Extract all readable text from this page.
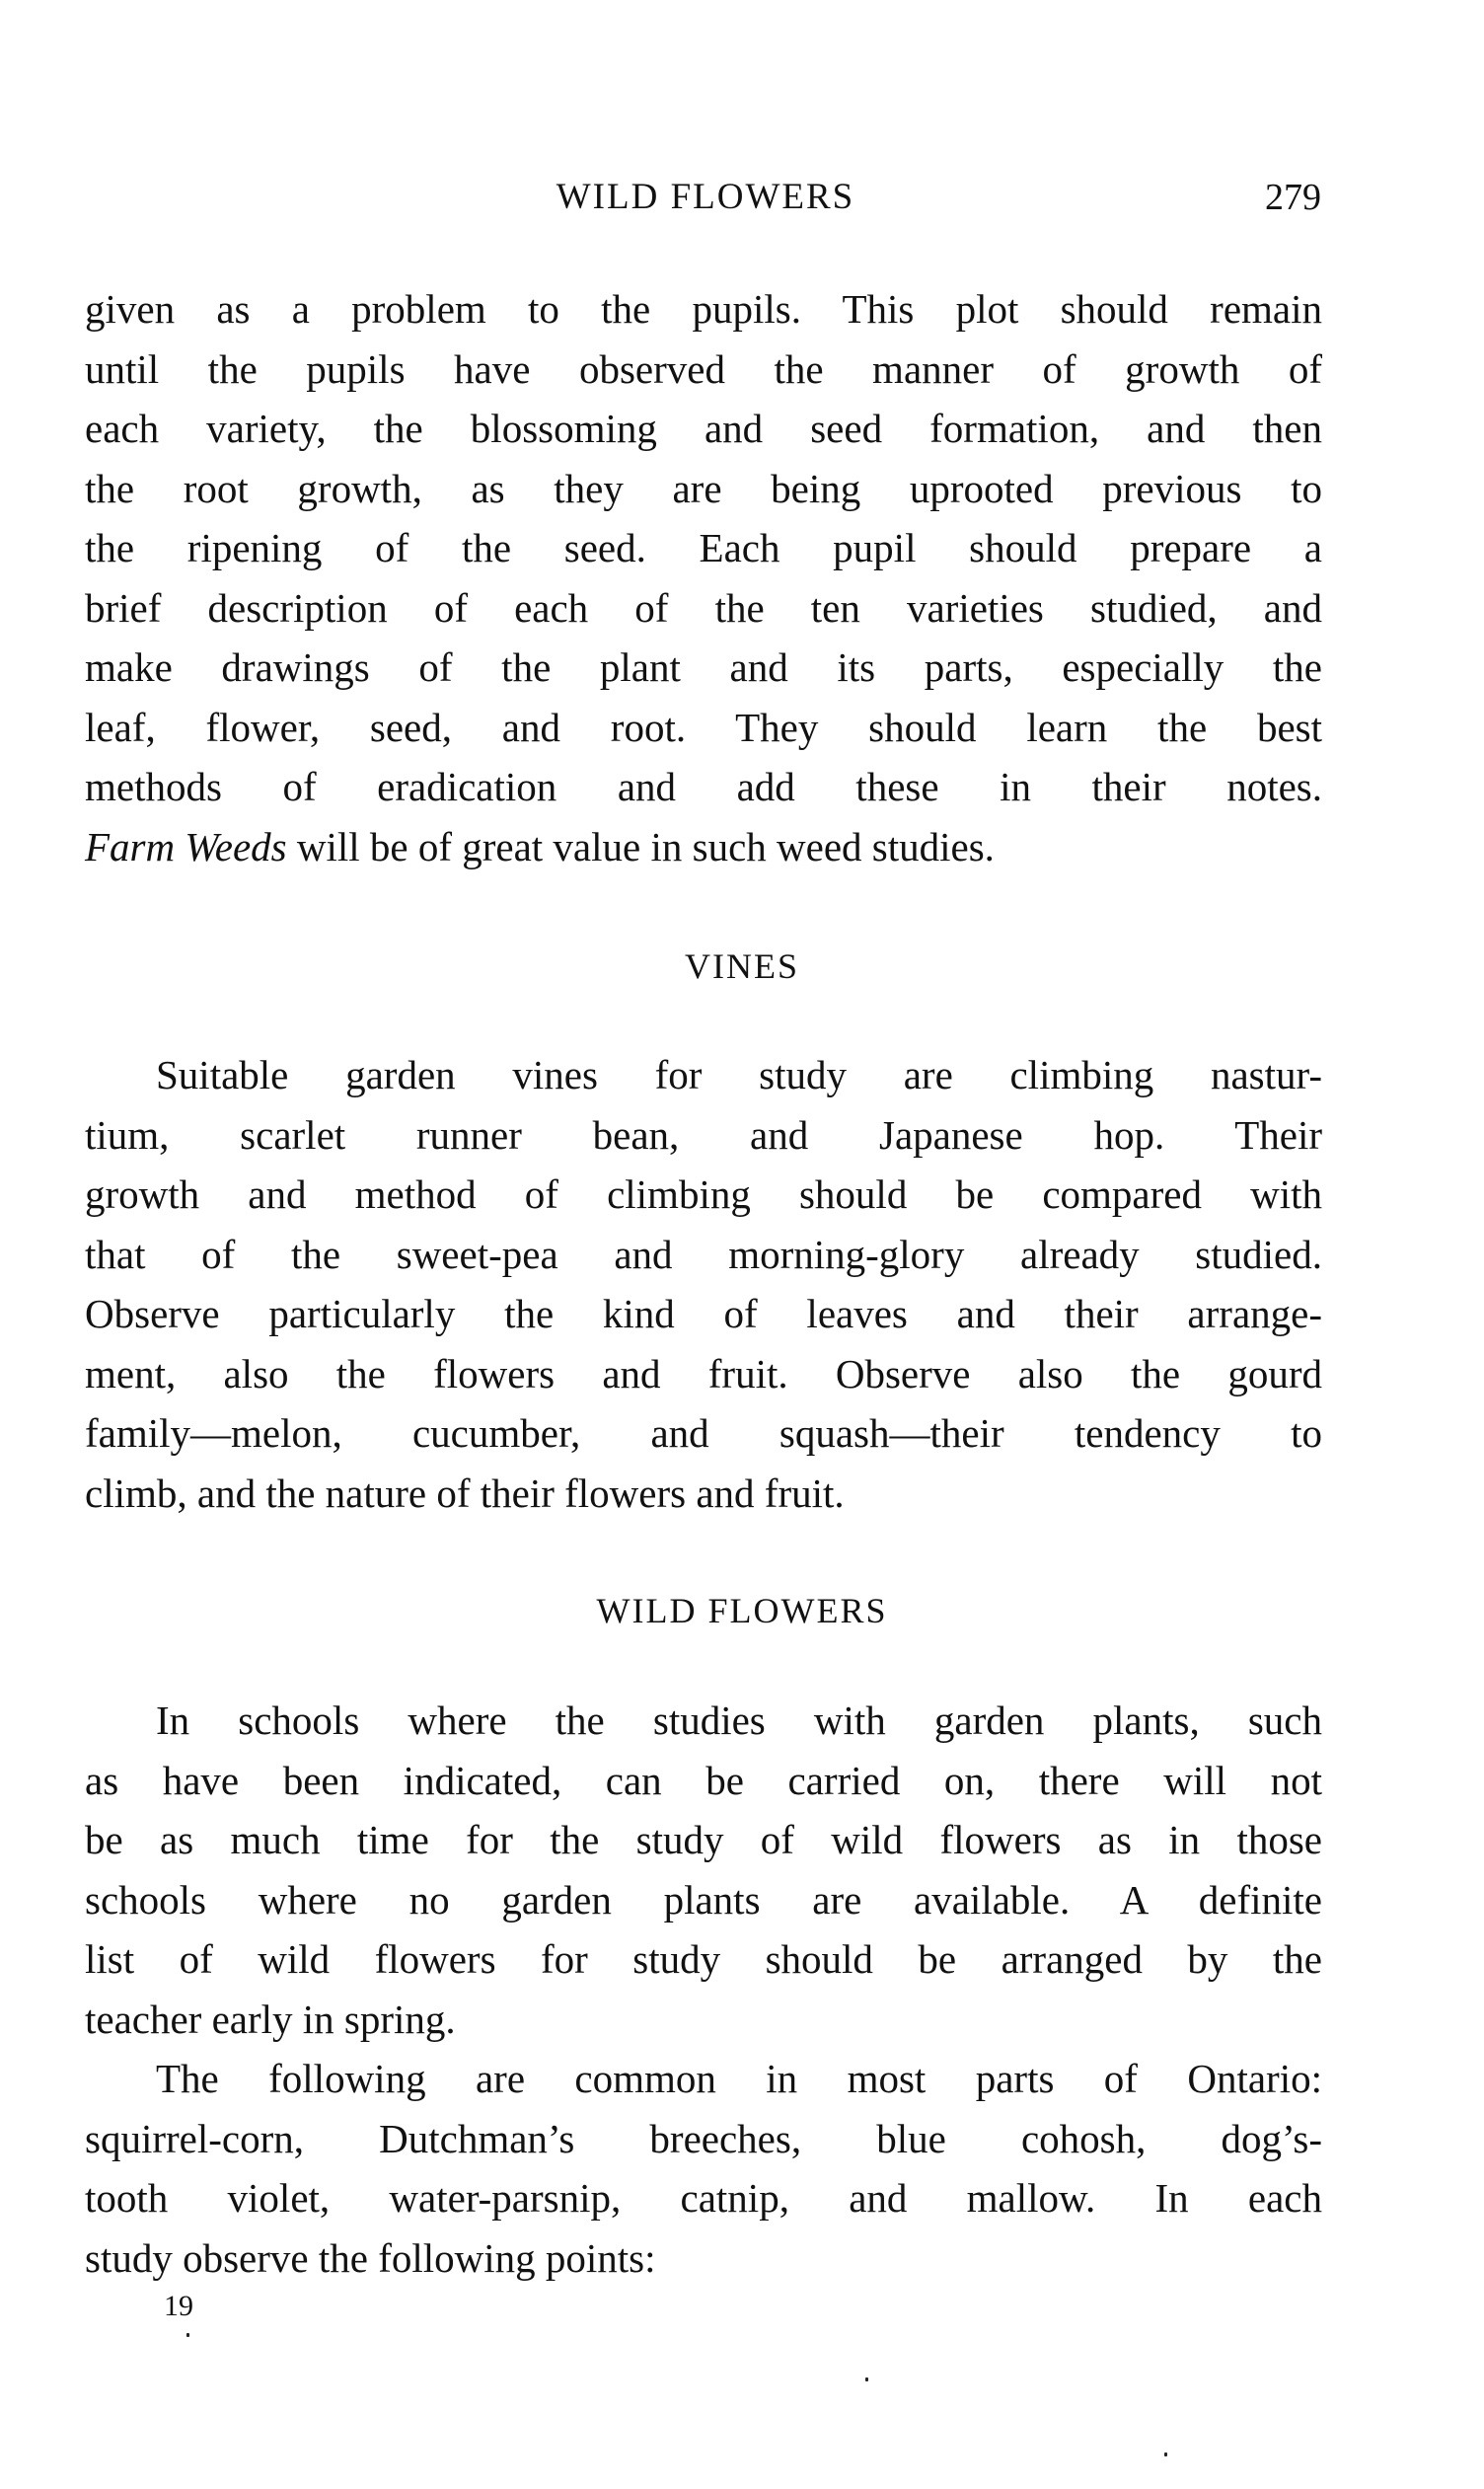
WILD FLOWERS	279
given as a problem to the pupils. This plot should remain
until the pupils have observed the manner of growth of
each variety, the blossoming and seed formation, and then
the root growth, as they are being uprooted previous to
the ripening of the seed. Each pupil should prepare a
brief description of each of the ten varieties studied, and
make drawings of the plant and its parts, especially the
leaf, flower, seed, and root. They should learn the best
methods of eradication and add these in their notes.
Farm Weeds will be of great value in such weed studies.
VINES
Suitable garden vines for study are climbing nastur-
tium, scarlet runner bean, and Japanese hop. Their
growth and method of climbing should be compared with
that of the sweet-pea and morning-glory already studied.
Observe particularly the kind of leaves and their arrange-
ment, also the flowers and fruit. Observe also the gourd
family—melon, cucumber, and squash—their tendency to
climb, and the nature of their flowers and fruit.
WILD FLOWERS
In schools where the studies with garden plants, such
as have been indicated, can be carried on, there will not
be as much time for the study of wild flowers as in those
schools where no garden plants are available. A definite
list of wild flowers for study should be arranged by the
teacher early in spring.
The following are common in most parts of Ontario:
squirrel-corn, Dutchman’s breeches, blue cohosh, dog’s-
tooth violet, water-parsnip, catnip, and mallow. In each
study observe the following points:
19
